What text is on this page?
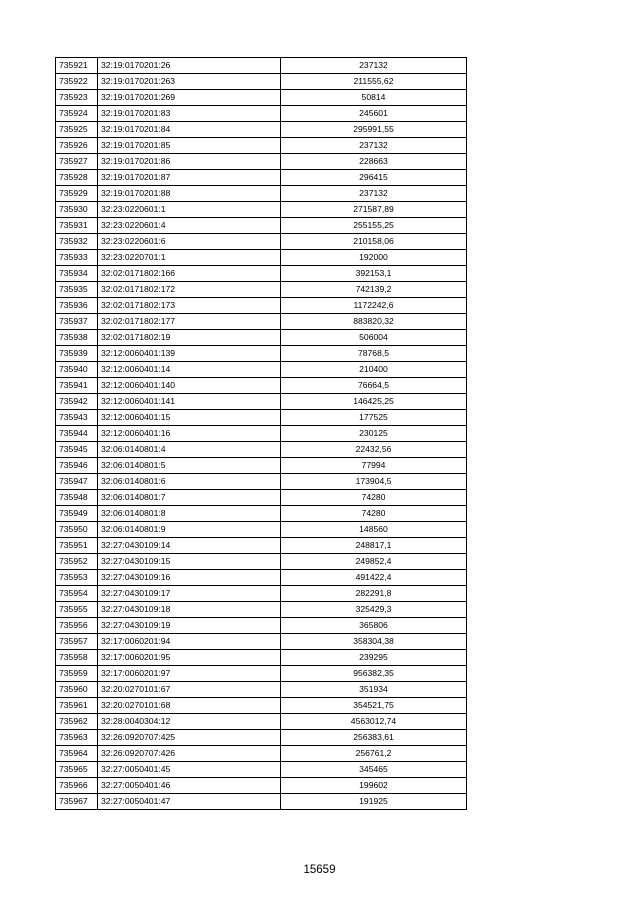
735921	32:19:0170201:26	237132
735922	32:19:0170201:263	211555,62
735923	32:19:0170201:269	50814
735924	32:19:0170201:83	245601
735925	32:19:0170201:84	295991,55
735926	32:19:0170201:85	237132
735927	32:19:0170201:86	228663
735928	32:19:0170201:87	296415
735929	32:19:0170201:88	237132
735930	32:23:0220601:1	271587,89
735931	32:23:0220601:4	255155,25
735932	32:23:0220601:6	210158,06
735933	32:23:0220701:1	192000
735934	32:02:0171802:166	392153,1
735935	32:02:0171802:172	742139,2
735936	32:02:0171802:173	1172242,6
735937	32:02:0171802:177	883820,32
735938	32:02:0171802:19	506004
735939	32:12:0060401:139	78768,5
735940	32:12:0060401:14	210400
735941	32:12:0060401:140	76664,5
735942	32:12:0060401:141	146425,25
735943	32:12:0060401:15	177525
735944	32:12:0060401:16	230125
735945	32:06:0140801:4	22432,56
735946	32:06:0140801:5	77994
735947	32:06:0140801:6	173904,5
735948	32:06:0140801:7	74280
735949	32:06:0140801:8	74280
735950	32:06:0140801:9	148560
735951	32:27:0430109:14	248817,1
735952	32:27:0430109:15	249852,4
735953	32:27:0430109:16	491422,4
735954	32:27:0430109:17	282291,8
735955	32:27:0430109:18	325429,3
735956	32:27:0430109:19	365806
735957	32:17:0060201:94	358304,38
735958	32:17:0060201:95	239295
735959	32:17:0060201:97	956382,35
735960	32:20:0270101:67	351934
735961	32:20:0270101:68	354521,75
735962	32:28:0040304:12	4563012,74
735963	32:26:0920707:425	256383,61
735964	32:26:0920707:426	256761,2
735965	32:27:0050401:45	345465
735966	32:27:0050401:46	199602
735967	32:27:0050401:47	191925
15659
